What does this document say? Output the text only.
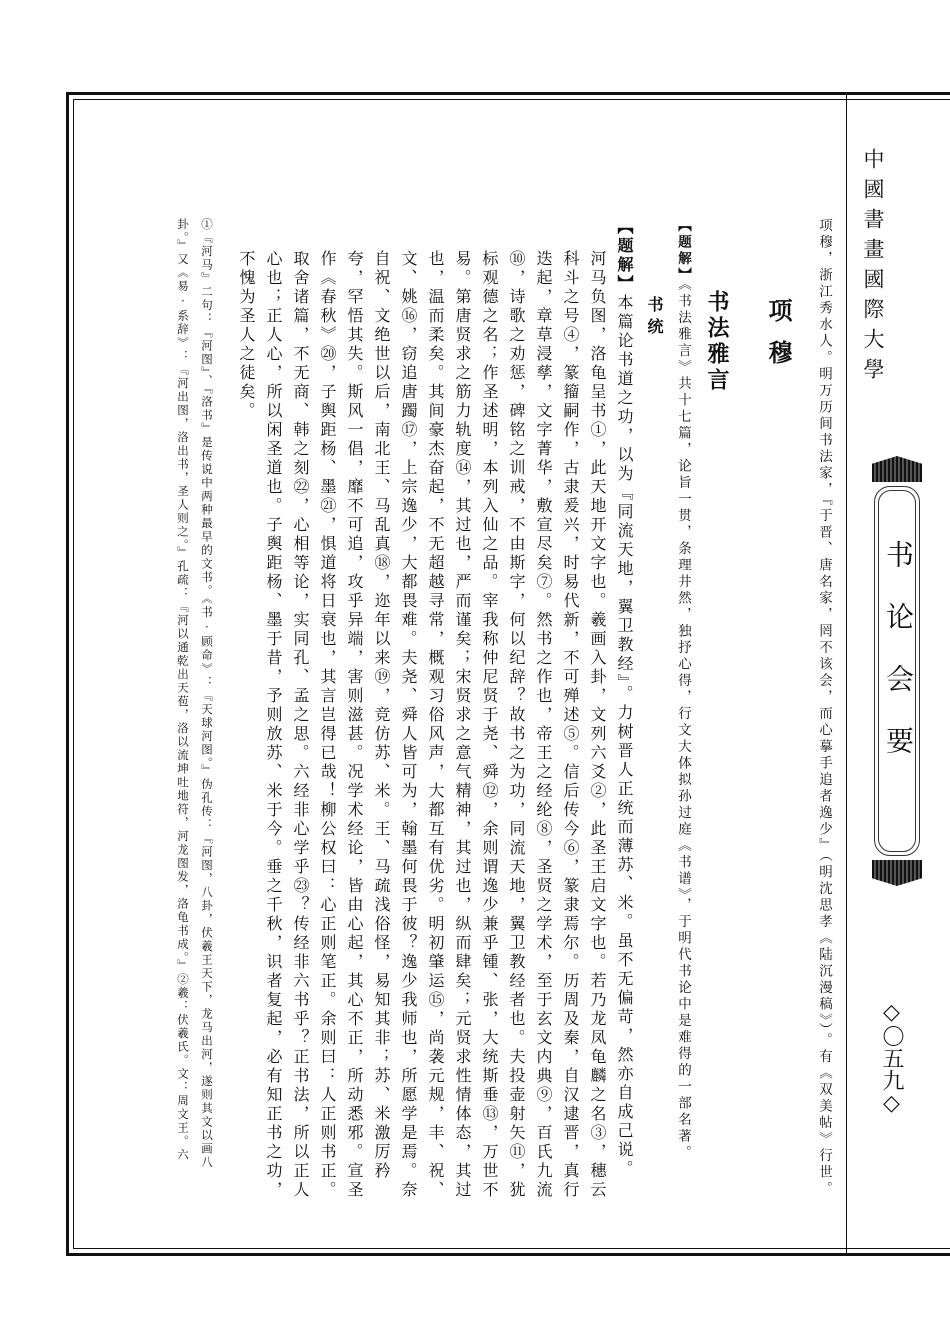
中國書畫國際大學
书论会要
◇〇五九◇

项穆，浙江秀水人。明万历间书法家，『于晋、唐名家，罔不该会，而心摹手追者逸少』（明沈思孝《陆沉漫稿》）。有《双美帖》行世。

项穆

书法雅言

【题解】《书法雅言》共十七篇，论旨一贯，条理井然，独抒心得，行文大体拟孙过庭《书谱》，于明代书论中是难得的一部名著。

书统

【题解】本篇论书道之功，以为『同流天地，翼卫教经』。力树晋人正统而薄苏、米。虽不无偏苛，然亦自成己说。

河马负图，洛龟呈书①，此天地开文字也。羲画入卦，文列六爻②，此圣王启文字也。若乃龙凤龟麟之名③，穗云科斗之号④，篆籀嗣作，古隶爰兴，时易代新，不可殚述⑤。信后传今⑥，篆隶焉尔。历周及秦，自汉逮晋，真行迭起，章草浸孳，文字菁华，敷宣尽矣⑦。然书之作也，帝王之经纶⑧，圣贤之学术，至于玄文内典⑨，百氏九流⑩，诗歌之劝惩，碑铭之训戒，不由斯字，何以纪辞？故书之为功，同流天地，翼卫教经者也。夫投壶射矢⑪，犹标观德之名；作圣述明，本列入仙之品。宰我称仲尼贤于尧、舜⑫，余则谓逸少兼乎锺、张，大统斯垂⑬，万世不易。第唐贤求之筋力轨度⑭，其过也，严而谨矣；宋贤求之意气精神，其过也，纵而肆矣；元贤求性情体态，其过也，温而柔矣。其间豪杰奋起，不无超越寻常，概观习俗风声，大都互有优劣。明初肇运⑮，尚袭元规，丰、祝、文、姚⑯，窃追唐躅⑰，上宗逸少，大都畏难。夫尧、舜人皆可为，翰墨何畏于彼？逸少我师也，所愿学是焉。奈自祝、文绝世以后，南北王、马乱真⑱，迩年以来⑲，竞仿苏、米。王、马疏浅俗怪，易知其非；苏、米激厉矜夸，罕悟其失。斯风一倡，靡不可追，攻乎异端，害则滋甚。况学术经论，皆由心起，其心不正，所动悉邪。宣圣作《春秋》⑳，子舆距杨、墨㉑，惧道将日衰也，其言岂得已哉！柳公权曰：心正则笔正。余则曰：人正则书正。取舍诸篇，不无商、韩之刻㉒，心相等论，实同孔、孟之思。六经非心学乎㉓？传经非六书乎？正书法，所以正人心也；正人心，所以闲圣道也。子舆距杨、墨于昔，予则放苏、米于今。垂之千秋，识者复起，必有知正书之功，不愧为圣人之徒矣。

①『河马』二句：『河图』、『洛书』是传说中两种最早的文书。《书·顾命》：『天球河图。』伪孔传：『河图，八卦，伏羲王天下，龙马出河，遂则其文以画八

卦。』又《易·系辞》：『河出图，洛出书，圣人则之。』孔疏：『河以通乾出天苞，洛以流坤吐地符，河龙图发，洛龟书成。』②羲：伏羲氏。文：周文王。六
